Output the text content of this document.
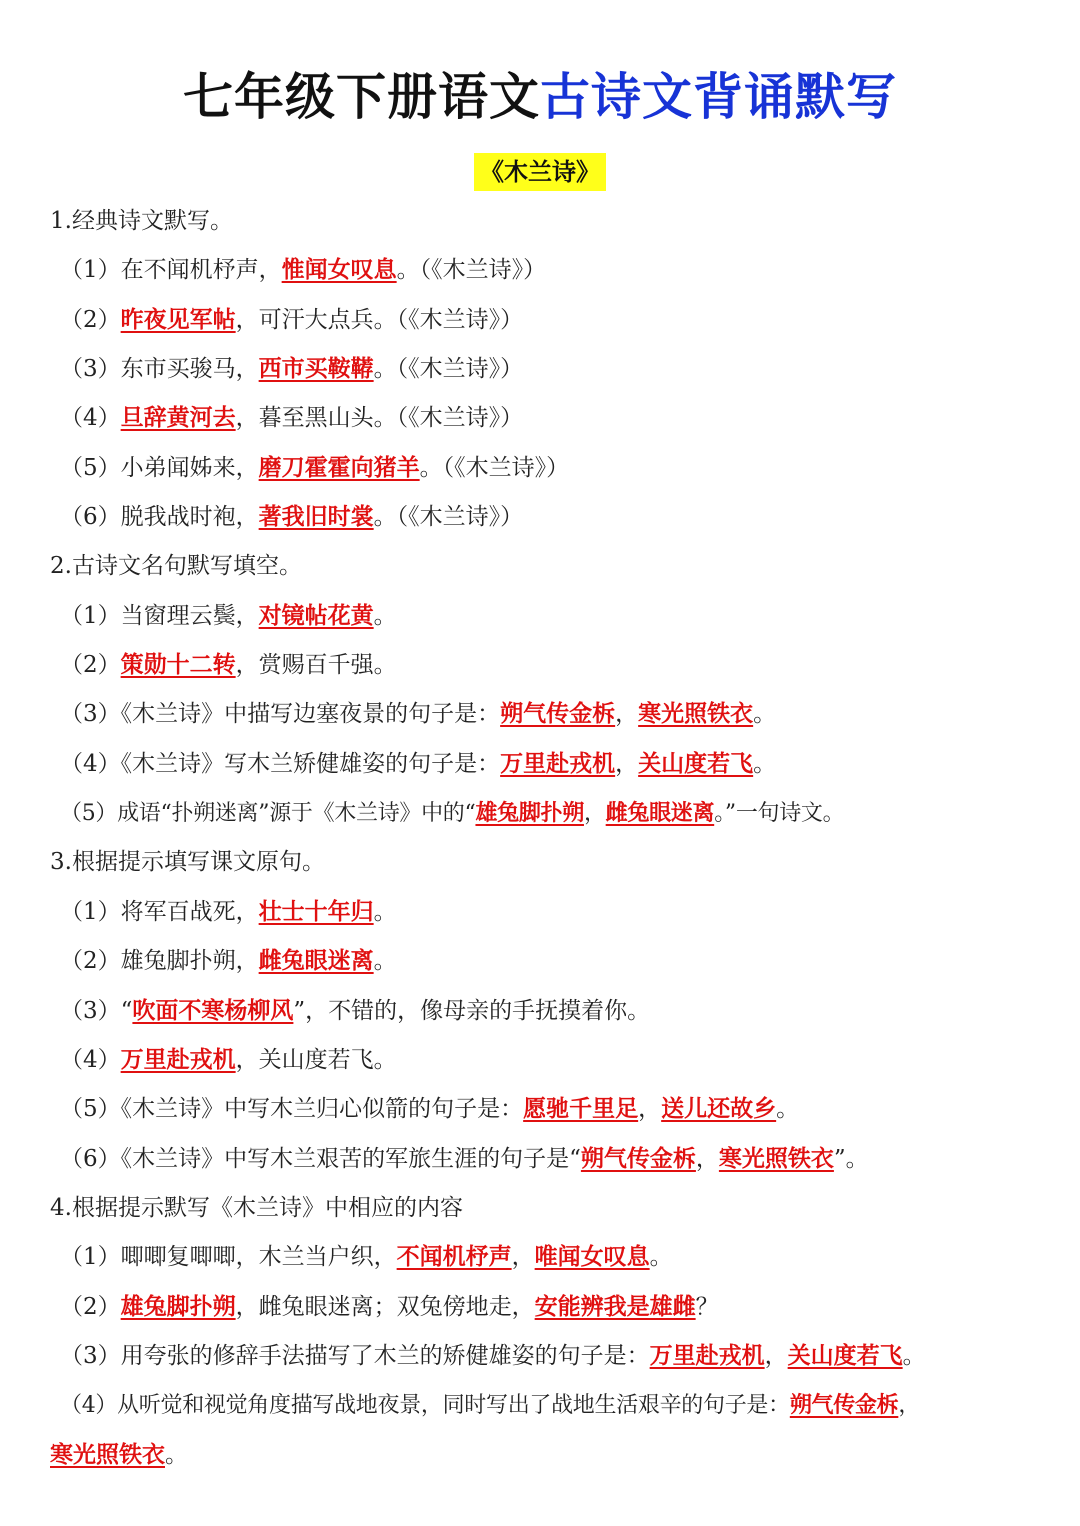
七年级下册语文古诗文背诵默写
《木兰诗》
1.经典诗文默写。
（1）在不闻机杼声，惟闻女叹息。（《木兰诗》）
（2）昨夜见军帖，可汗大点兵。（《木兰诗》）
（3）东市买骏马，西市买鞍鞯。（《木兰诗》）
（4）旦辞黄河去，暮至黑山头。（《木兰诗》）
（5）小弟闻姊来，磨刀霍霍向猪羊。（《木兰诗》）
（6）脱我战时袍，著我旧时裳。（《木兰诗》）
2.古诗文名句默写填空。
（1）当窗理云鬓，对镜帖花黄。
（2）策勋十二转，赏赐百千强。
（3）《木兰诗》中描写边塞夜景的句子是：朔气传金柝，寒光照铁衣。
（4）《木兰诗》写木兰矫健雄姿的句子是：万里赴戎机，关山度若飞。
（5）成语“扑朔迷离”源于《木兰诗》中的“雄兔脚扑朔，雌兔眼迷离。”一句诗文。
3.根据提示填写课文原句。
（1）将军百战死，壮士十年归。
（2）雄兔脚扑朔，雌兔眼迷离。
（3）“吹面不寒杨柳风”，不错的，像母亲的手抚摸着你。
（4）万里赴戎机，关山度若飞。
（5）《木兰诗》中写木兰归心似箭的句子是：愿驰千里足，送儿还故乡。
（6）《木兰诗》中写木兰艰苦的军旅生涯的句子是“朔气传金柝，寒光照铁衣”。
4.根据提示默写《木兰诗》中相应的内容
（1）唧唧复唧唧，木兰当户织，不闻机杼声，唯闻女叹息。
（2）雄兔脚扑朔，雌兔眼迷离；双兔傍地走，安能辨我是雄雌？
（3）用夸张的修辞手法描写了木兰的矫健雄姿的句子是：万里赴戎机，关山度若飞。
（4）从听觉和视觉角度描写战地夜景，同时写出了战地生活艰辛的句子是：朔气传金柝，
寒光照铁衣。
